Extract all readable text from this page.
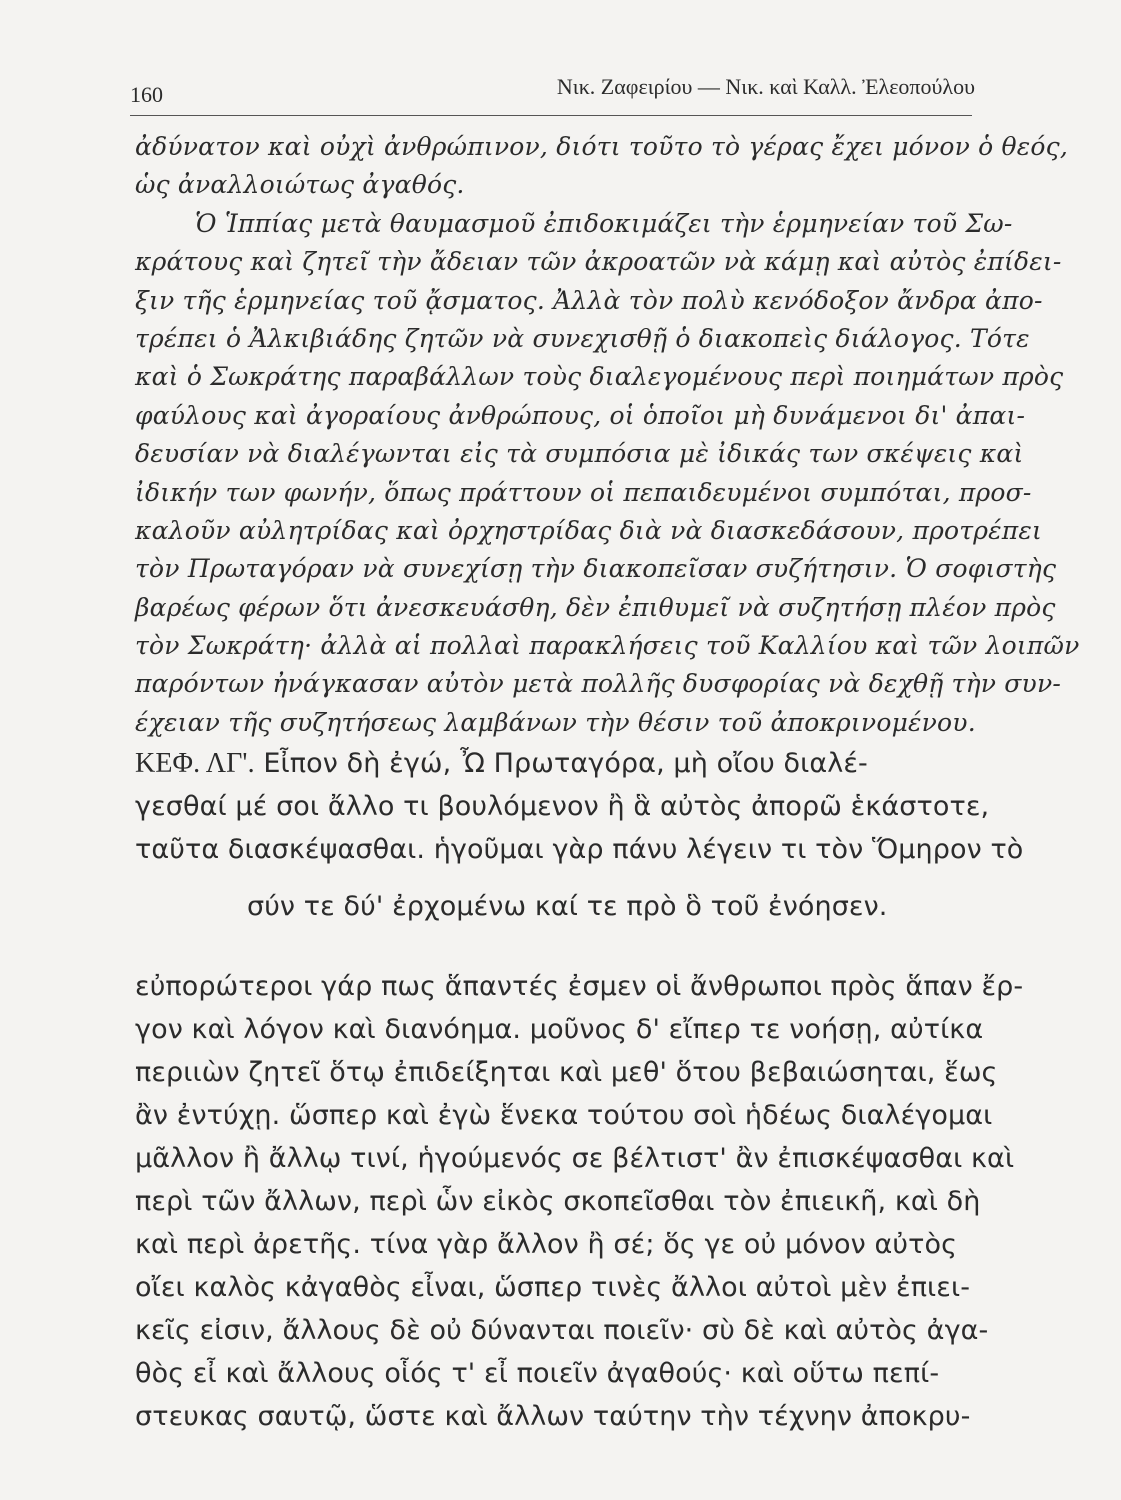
160	Νικ. Ζαφειρίου — Νικ. καὶ Καλλ. Ἐλεοπούλου
ἀδύνατον καὶ οὐχὶ ἀνθρώπινον, διότι τοῦτο τὸ γέρας ἔχει μόνον ὁ θεός,
ὡς ἀναλλοιώτως ἀγαθός.
Ὁ Ἱππίας μετὰ θαυμασμοῦ ἐπιδοκιμάζει τὴν ἑρμηνείαν τοῦ Σω-
κράτους καὶ ζητεῖ τὴν ἄδειαν τῶν ἀκροατῶν νὰ κάμῃ καὶ αὐτὸς ἐπίδει-
ξιν τῆς ἑρμηνείας τοῦ ᾄσματος. Ἀλλὰ τὸν πολὺ κενόδοξον ἄνδρα ἀπο-
τρέπει ὁ Ἀλκιβιάδης ζητῶν νὰ συνεχισθῇ ὁ διακοπεὶς διάλογος. Τότε
καὶ ὁ Σωκράτης παραβάλλων τοὺς διαλεγομένους περὶ ποιημάτων πρὸς
φαύλους καὶ ἀγοραίους ἀνθρώπους, οἱ ὁποῖοι μὴ δυνάμενοι δι' ἀπαι-
δευσίαν νὰ διαλέγωνται εἰς τὰ συμπόσια μὲ ἰδικάς των σκέψεις καὶ
ἰδικήν των φωνήν, ὅπως πράττουν οἱ πεπαιδευμένοι συμπόται, προσ-
καλοῦν αὐλητρίδας καὶ ὀρχηστρίδας διὰ νὰ διασκεδάσουν, προτρέπει
τὸν Πρωταγόραν νὰ συνεχίσῃ τὴν διακοπεῖσαν συζήτησιν. Ὁ σοφιστὴς
βαρέως φέρων ὅτι ἀνεσκευάσθη, δὲν ἐπιθυμεῖ νὰ συζητήσῃ πλέον πρὸς
τὸν Σωκράτη· ἀλλὰ αἱ πολλαὶ παρακλήσεις τοῦ Καλλίου καὶ τῶν λοιπῶν
παρόντων ἠνάγκασαν αὐτὸν μετὰ πολλῆς δυσφορίας νὰ δεχθῇ τὴν συν-
έχειαν τῆς συζητήσεως λαμβάνων τὴν θέσιν τοῦ ἀποκρινομένου.
ΚΕΦ. ΛΓ'. Εἶπον δὴ ἐγώ, Ὦ Πρωταγόρα, μὴ οἴου διαλέ-
γεσθαί μέ σοι ἄλλο τι βουλόμενον ἢ ἃ αὐτὸς ἀπορῶ ἑκάστοτε,
ταῦτα διασκέψασθαι. ἡγοῦμαι γὰρ πάνυ λέγειν τι τὸν Ὅμηρον τὸ
σύν τε δύ' ἐρχομένω καί τε πρὸ ὃ τοῦ ἐνόησεν.
εὐπορώτεροι γάρ πως ἅπαντές ἐσμεν οἱ ἄνθρωποι πρὸς ἅπαν ἔρ-
γον καὶ λόγον καὶ διανόημα. μοῦνος δ' εἴπερ τε νοήσῃ, αὐτίκα
περιιὼν ζητεῖ ὅτῳ ἐπιδείξηται καὶ μεθ' ὅτου βεβαιώσηται, ἕως
ἂν ἐντύχῃ. ὥσπερ καὶ ἐγὼ ἕνεκα τούτου σοὶ ἡδέως διαλέγομαι
μᾶλλον ἢ ἄλλῳ τινί, ἡγούμενός σε βέλτιστ' ἂν ἐπισκέψασθαι καὶ
περὶ τῶν ἄλλων, περὶ ὧν εἰκὸς σκοπεῖσθαι τὸν ἐπιεικῆ, καὶ δὴ
καὶ περὶ ἀρετῆς. τίνα γὰρ ἄλλον ἢ σέ; ὅς γε οὐ μόνον αὐτὸς
οἴει καλὸς κἀγαθὸς εἶναι, ὥσπερ τινὲς ἄλλοι αὐτοὶ μὲν ἐπιει-
κεῖς εἰσιν, ἄλλους δὲ οὐ δύνανται ποιεῖν· σὺ δὲ καὶ αὐτὸς ἀγα-
θὸς εἶ καὶ ἄλλους οἷός τ' εἶ ποιεῖν ἀγαθούς· καὶ οὕτω πεπί-
στευκας σαυτῷ, ὥστε καὶ ἄλλων ταύτην τὴν τέχνην ἀποκρυ-
